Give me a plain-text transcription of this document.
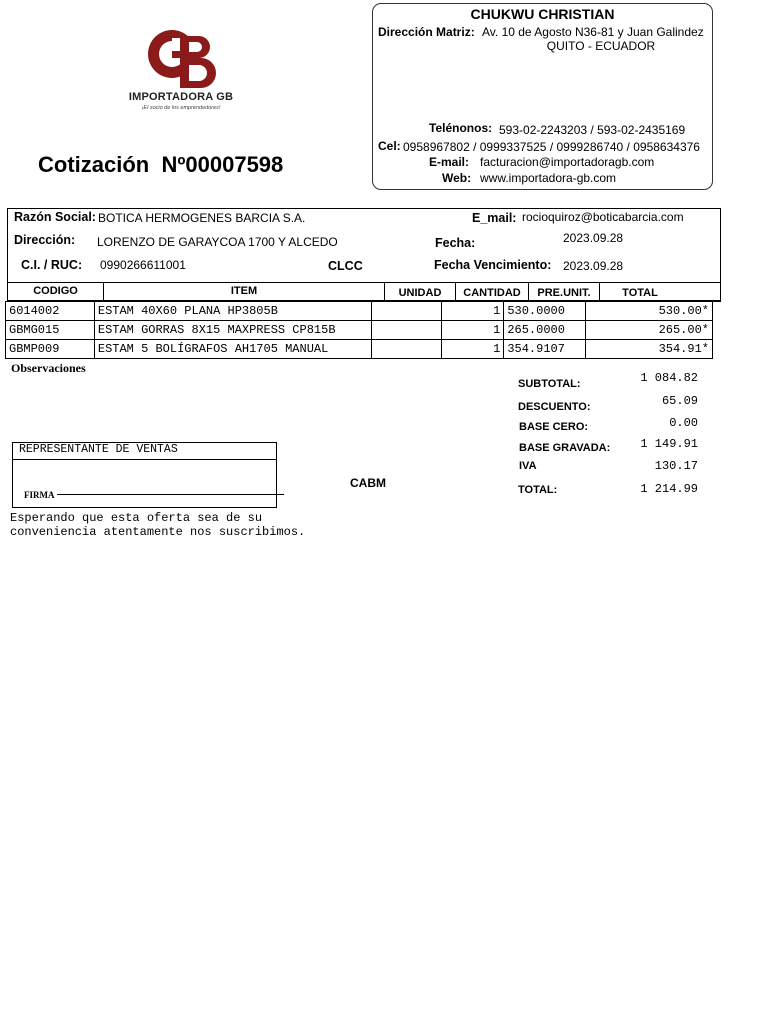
IMPORTADORA GB
¡El socio de los emprendedores!
CHUKWU CHRISTIAN
Dirección Matriz: Av. 10 de Agosto N36-81 y Juan Galindez
QUITO - ECUADOR
Telénonos: 593-02-2243203 / 593-02-2435169
Cel: 0958967802 / 0999337525 / 0999286740 / 0958634376
E-mail: facturacion@importadoragb.com
Web: www.importadora-gb.com
Cotización Nº00007598
Razón Social: BOTICA HERMOGENES BARCIA S.A.	E_mail: rocioquiroz@boticabarcia.com
Dirección: LORENZO DE GARAYCOA 1700 Y ALCEDO	Fecha:	2023.09.28
C.I. / RUC: 0990266611001	CLCC	Fecha Vencimiento: 2023.09.28
CODIGO	ITEM	UNIDAD	CANTIDAD	PRE.UNIT.	TOTAL
6014002	ESTAM 40X60 PLANA HP3805B		1	530.0000	530.00*
GBMG015	ESTAM GORRAS 8X15 MAXPRESS CP815B		1	265.0000	265.00*
GBMP009	ESTAM 5 BOLÍGRAFOS AH1705 MANUAL		1	354.9107	354.91*
Observaciones
SUBTOTAL:	1 084.82
DESCUENTO:	65.09
BASE CERO:	0.00
BASE GRAVADA:	1 149.91
IVA	130.17
TOTAL:	1 214.99
REPRESENTANTE DE VENTAS
FIRMA
CABM
Esperando que esta oferta sea de su
conveniencia atentamente nos suscribimos.
